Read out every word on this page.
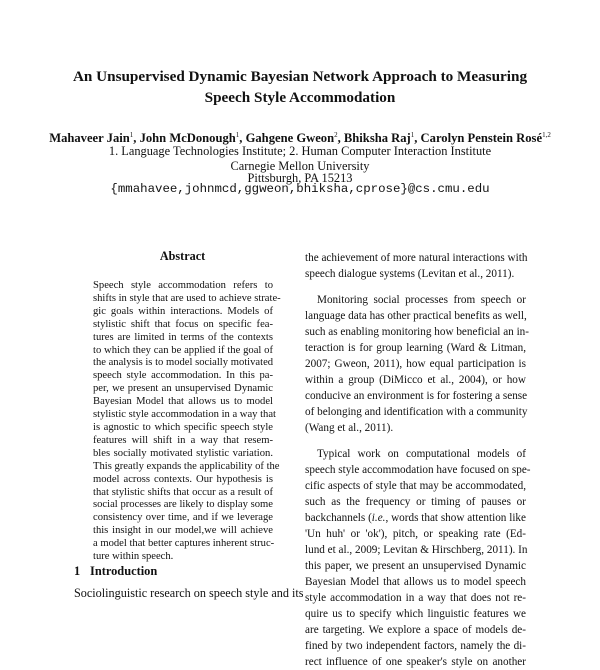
An Unsupervised Dynamic Bayesian Network Approach to Measuring
Speech Style Accommodation
Mahaveer Jain$^1$, John McDonough$^1$, Gahgene Gweon$^2$, Bhiksha Raj$^1$, Carolyn Penstein Rosé$^{1,2}$
1. Language Technologies Institute; 2. Human Computer Interaction Institute
Carnegie Mellon University
Pittsburgh, PA 15213
{mmahavee,johnmcd,ggweon,bhiksha,cprose}@cs.cmu.edu
Abstract
Speech style accommodation refers to
shifts in style that are used to achieve strate-
gic goals within interactions. Models of
stylistic shift that focus on specific fea-
tures are limited in terms of the contexts
to which they can be applied if the goal of
the analysis is to model socially motivated
speech style accommodation. In this pa-
per, we present an unsupervised Dynamic
Bayesian Model that allows us to model
stylistic style accommodation in a way that
is agnostic to which specific speech style
features will shift in a way that resem-
bles socially motivated stylistic variation.
This greatly expands the applicability of the
model across contexts. Our hypothesis is
that stylistic shifts that occur as a result of
social processes are likely to display some
consistency over time, and if we leverage
this insight in our model,we will achieve
a model that better captures inherent struc-
ture within speech.
1 Introduction
Sociolinguistic research on speech style and its
the achievement of more natural interactions with
speech dialogue systems (Levitan et al., 2011).
Monitoring social processes from speech or
language data has other practical benefits as well,
such as enabling monitoring how beneficial an in-
teraction is for group learning (Ward & Litman,
2007; Gweon, 2011), how equal participation is
within a group (DiMicco et al., 2004), or how
conducive an environment is for fostering a sense
of belonging and identification with a community
(Wang et al., 2011).
Typical work on computational models of
speech style accommodation have focused on spe-
cific aspects of style that may be accommodated,
such as the frequency or timing of pauses or
backchannels (i.e., words that show attention like
'Un huh' or 'ok'), pitch, or speaking rate (Ed-
lund et al., 2009; Levitan & Hirschberg, 2011). In
this paper, we present an unsupervised Dynamic
Bayesian Model that allows us to model speech
style accommodation in a way that does not re-
quire us to specify which linguistic features we
are targeting. We explore a space of models de-
fined by two independent factors, namely the di-
rect influence of one speaker's style on another
